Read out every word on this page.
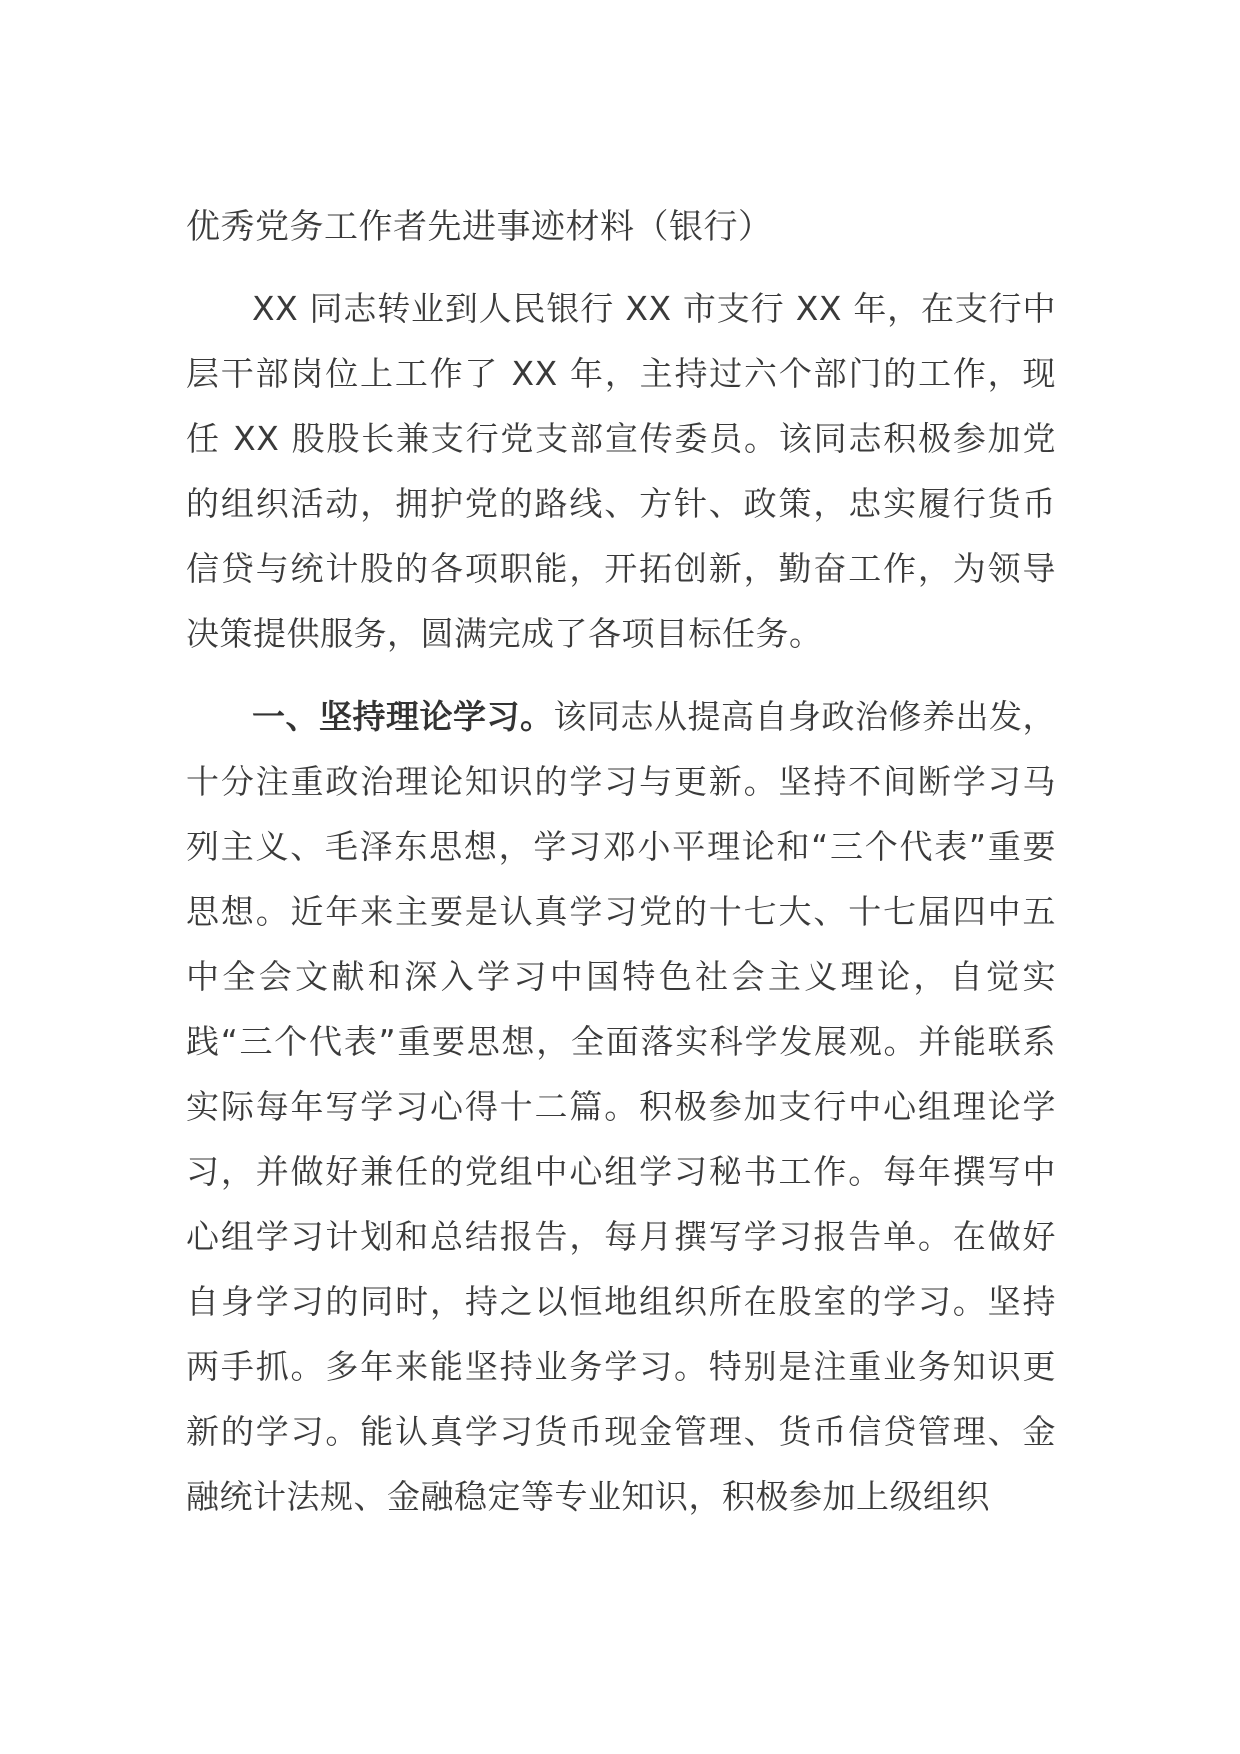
优秀党务工作者先进事迹材料（银行）

XX 同志转业到人民银行 XX 市支行 XX 年，在支行中层干部岗位上工作了 XX 年，主持过六个部门的工作，现任 XX 股股长兼支行党支部宣传委员。该同志积极参加党的组织活动，拥护党的路线、方针、政策，忠实履行货币信贷与统计股的各项职能，开拓创新，勤奋工作，为领导决策提供服务，圆满完成了各项目标任务。

一、坚持理论学习。该同志从提高自身政治修养出发，十分注重政治理论知识的学习与更新。坚持不间断学习马列主义、毛泽东思想，学习邓小平理论和“三个代表”重要思想。近年来主要是认真学习党的十七大、十七届四中五中全会文献和深入学习中国特色社会主义理论，自觉实践“三个代表”重要思想，全面落实科学发展观。并能联系实际每年写学习心得十二篇。积极参加支行中心组理论学习，并做好兼任的党组中心组学习秘书工作。每年撰写中心组学习计划和总结报告，每月撰写学习报告单。在做好自身学习的同时，持之以恒地组织所在股室的学习。坚持两手抓。多年来能坚持业务学习。特别是注重业务知识更新的学习。能认真学习货币现金管理、货币信贷管理、金融统计法规、金融稳定等专业知识，积极参加上级组织
